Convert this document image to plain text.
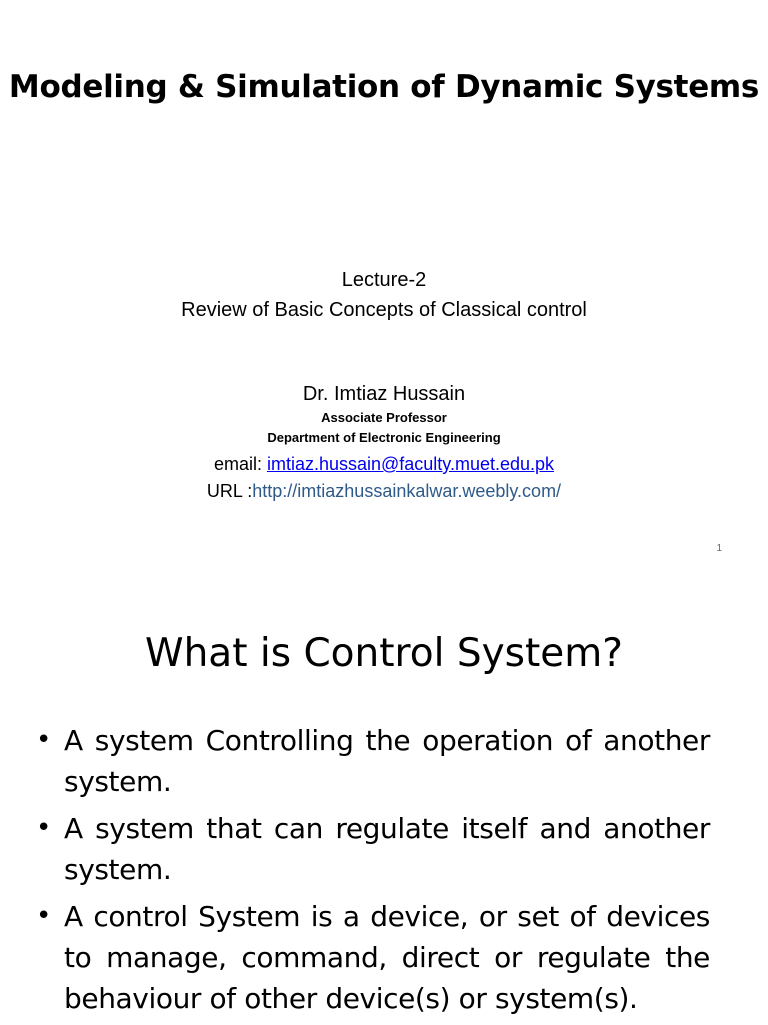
Modeling & Simulation of Dynamic Systems
Lecture-2
Review of Basic Concepts of Classical control
Dr. Imtiaz Hussain
Associate Professor
Department of Electronic Engineering
email: imtiaz.hussain@faculty.muet.edu.pk
URL :http://imtiazhussainkalwar.weebly.com/
1
What is Control System?
• A system Controlling the operation of another system.
• A system that can regulate itself and another system.
• A control System is a device, or set of devices to manage, command, direct or regulate the behaviour of other device(s) or system(s).
